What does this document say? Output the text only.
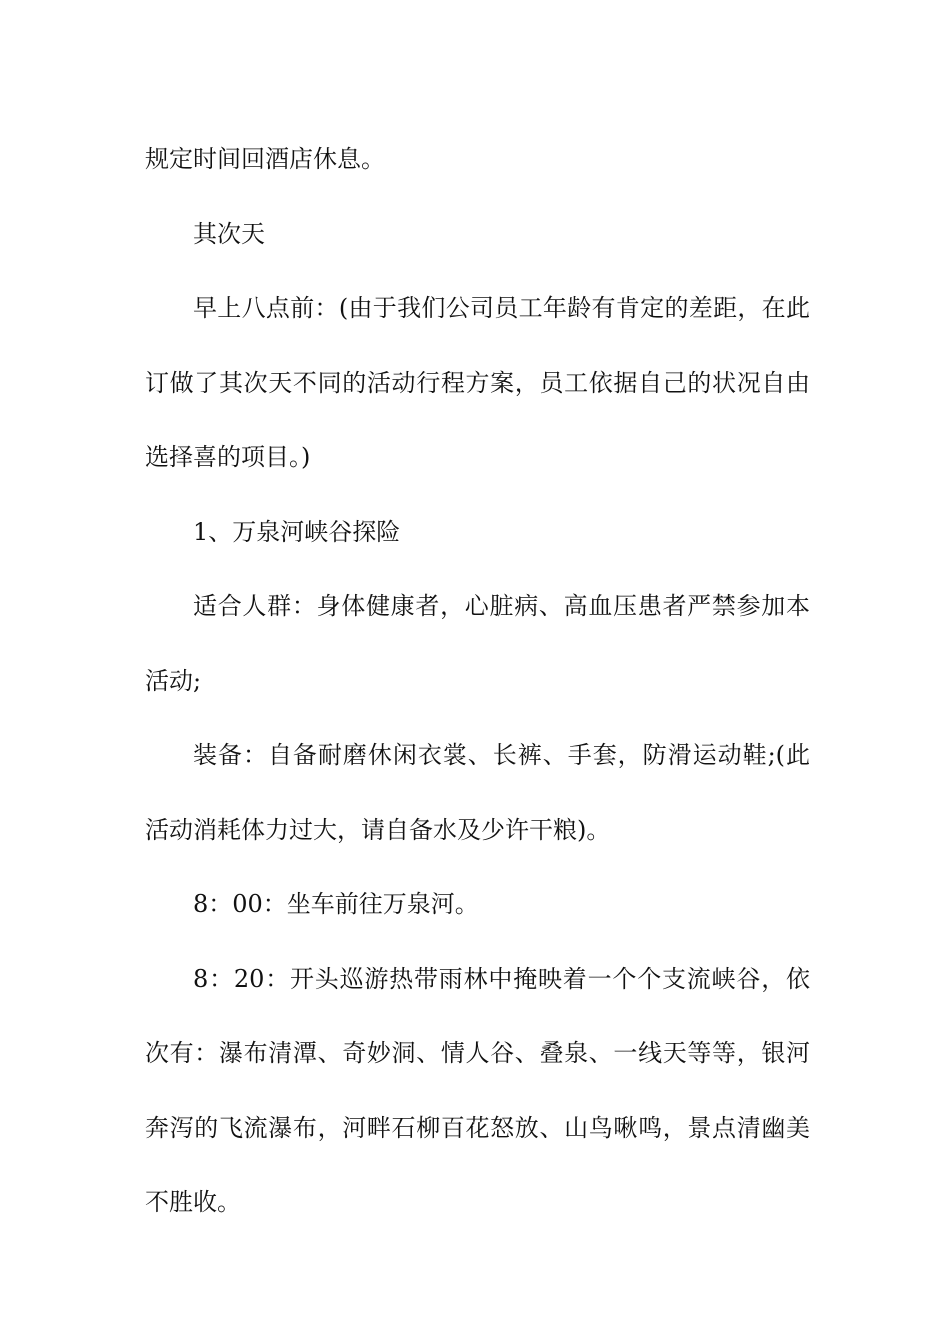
规定时间回酒店休息。

其次天

早上八点前：(由于我们公司员工年龄有肯定的差距，在此订做了其次天不同的活动行程方案，员工依据自己的状况自由选择喜的项目。)

1、万泉河峡谷探险

适合人群：身体健康者，心脏病、高血压患者严禁参加本活动;

装备：自备耐磨休闲衣裳、长裤、手套，防滑运动鞋;(此活动消耗体力过大，请自备水及少许干粮)。

8：00：坐车前往万泉河。

8：20：开头巡游热带雨林中掩映着一个个支流峡谷，依次有：瀑布清潭、奇妙洞、情人谷、叠泉、一线天等等，银河奔泻的飞流瀑布，河畔石柳百花怒放、山鸟啾鸣，景点清幽美不胜收。
